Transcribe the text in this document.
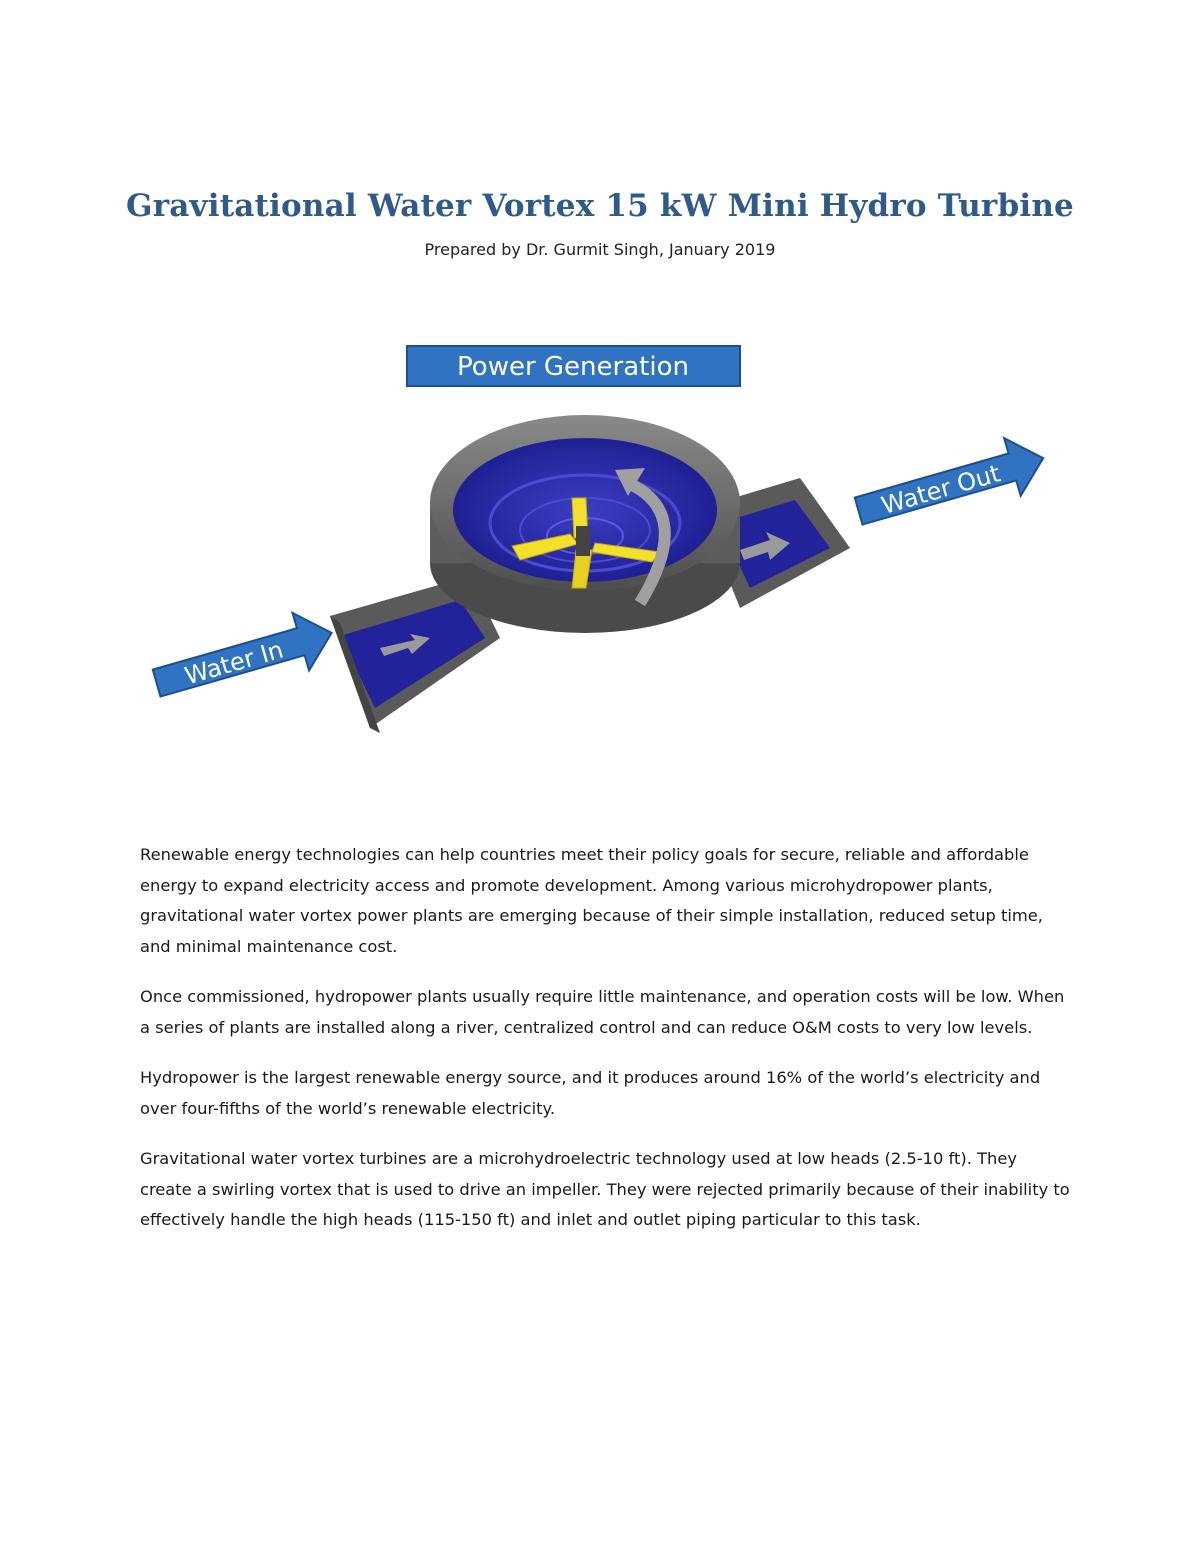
Gravitational Water Vortex 15 kW Mini Hydro Turbine
Prepared by Dr. Gurmit Singh, January 2019
Power Generation
Water In
Water Out

Renewable energy technologies can help countries meet their policy goals for secure, reliable and affordable energy to expand electricity access and promote development. Among various microhydropower plants, gravitational water vortex power plants are emerging because of their simple installation, reduced setup time, and minimal maintenance cost.

Once commissioned, hydropower plants usually require little maintenance, and operation costs will be low. When a series of plants are installed along a river, centralized control and can reduce O&M costs to very low levels.

Hydropower is the largest renewable energy source, and it produces around 16% of the world’s electricity and over four-fifths of the world’s renewable electricity.

Gravitational water vortex turbines are a microhydroelectric technology used at low heads (2.5-10 ft). They create a swirling vortex that is used to drive an impeller. They were rejected primarily because of their inability to effectively handle the high heads (115-150 ft) and inlet and outlet piping particular to this task.
